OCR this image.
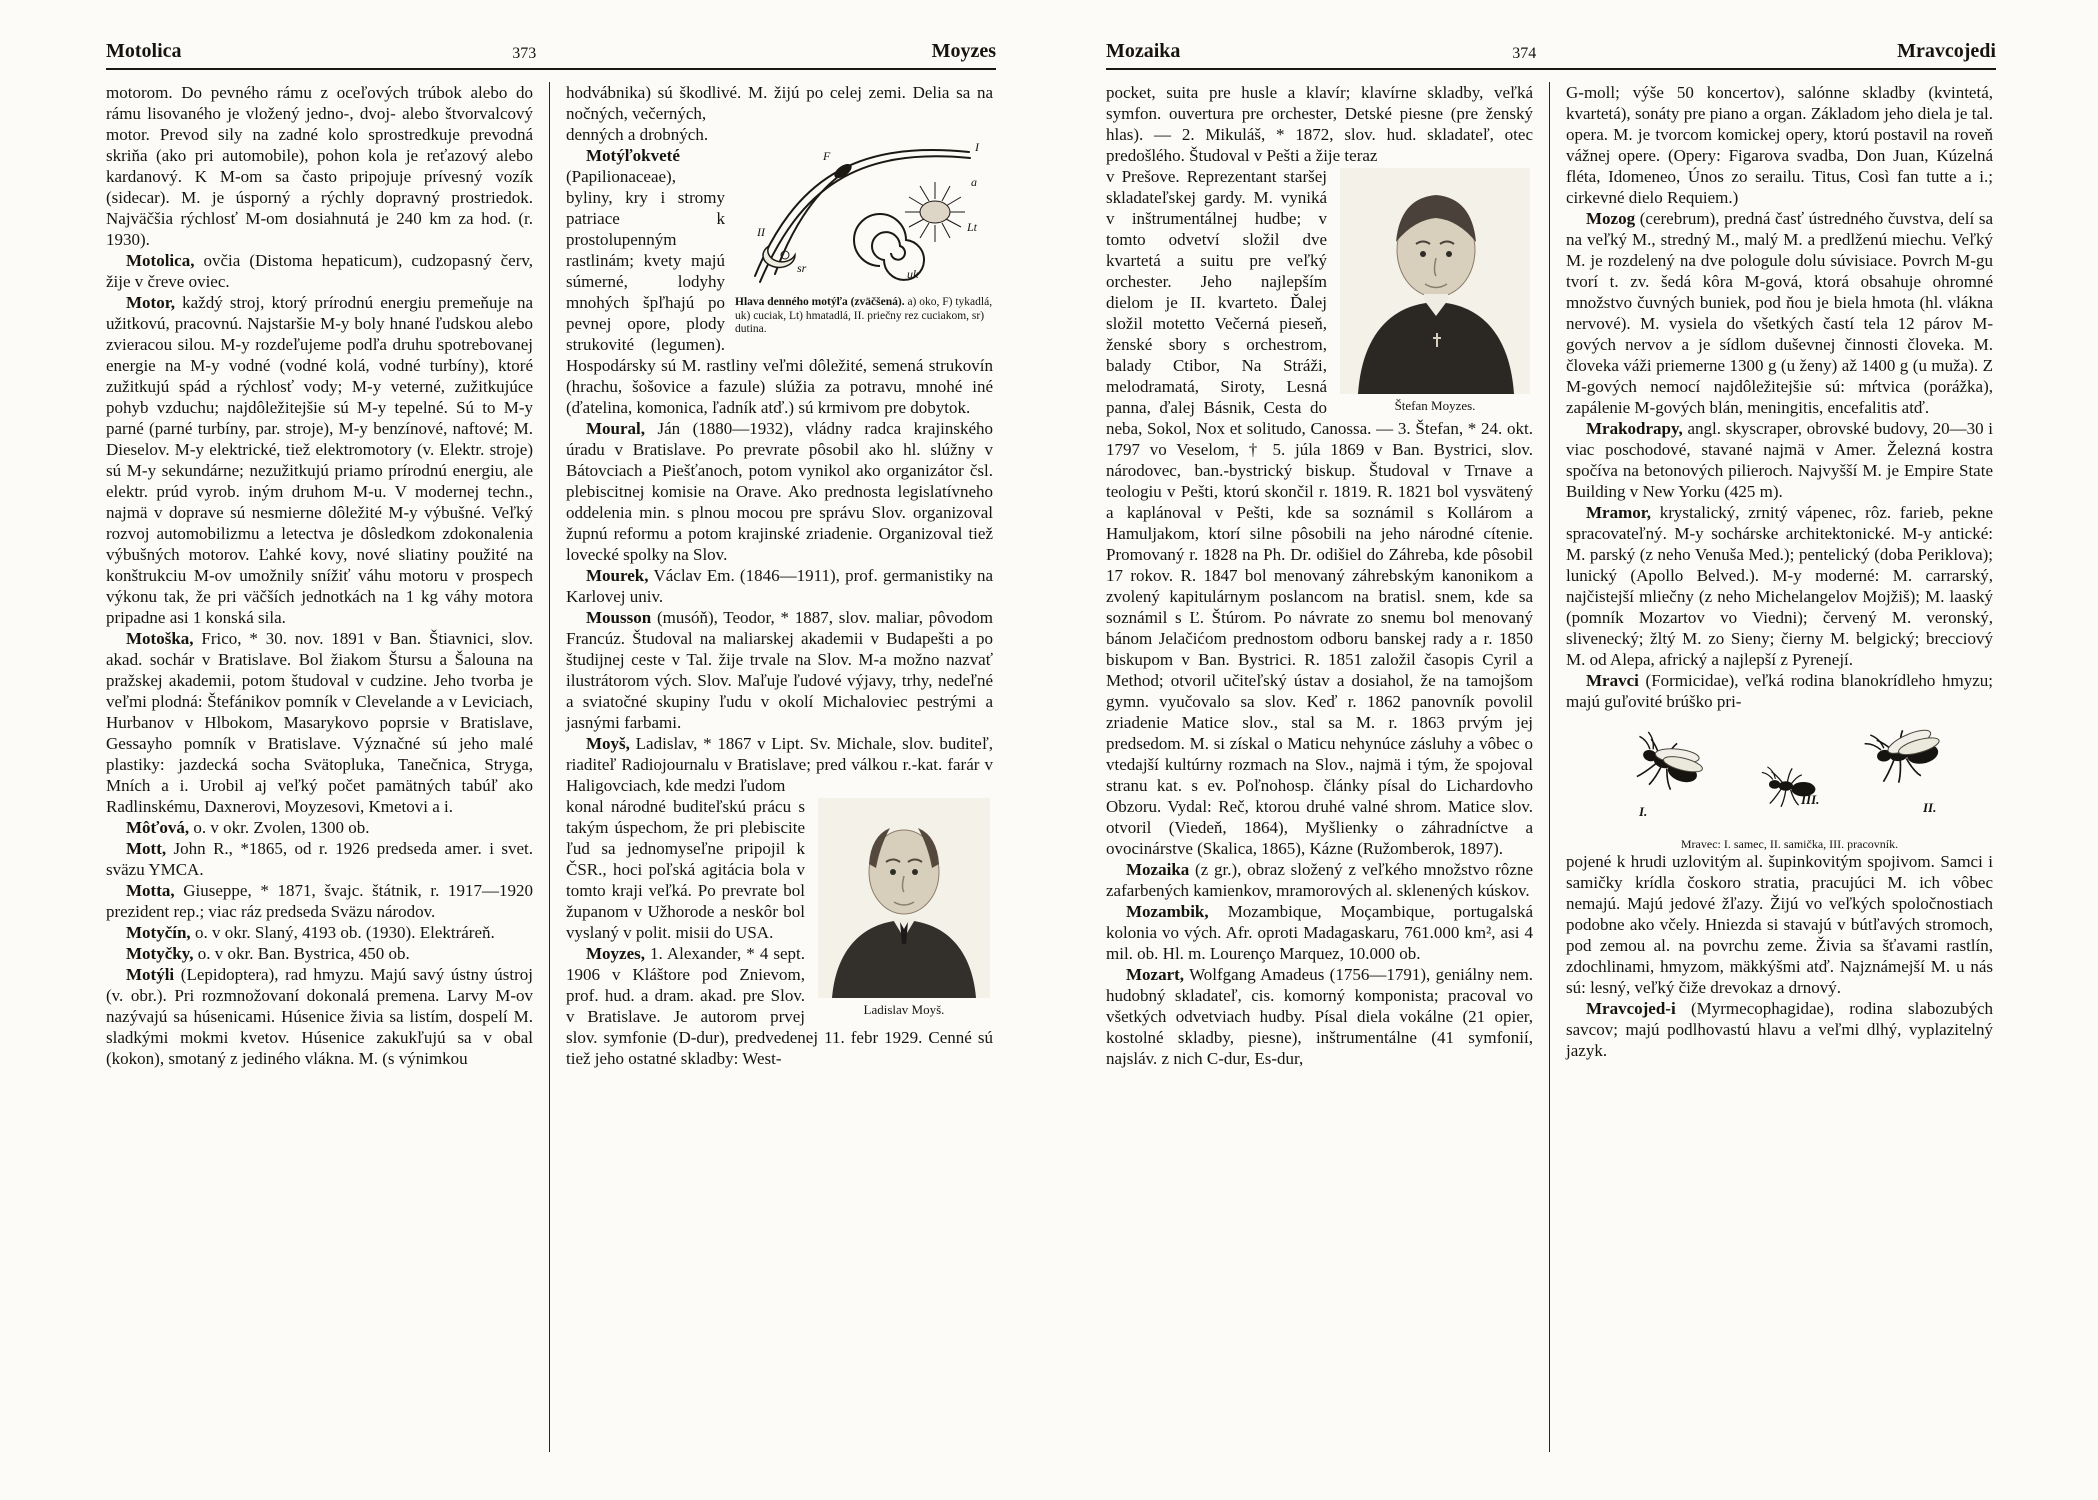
Motolica	373	Moyzes

motorom. Do pevného rámu z oceľových trúbok alebo do rámu lisovaného je vložený jedno-, dvoj- alebo štvorvalcový motor. Prevod sily na zadné kolo sprostredkuje prevodná skriňa (ako pri automobile), pohon kola je reťazový alebo kardanový. K M-om sa často pripojuje prívesný vozík (sidecar). M. je úsporný a rýchly dopravný prostriedok. Najväčšia rýchlosť M-om dosiahnutá je 240 km za hod. (r. 1930).

Motolica, ovčia (Distoma hepaticum), cudzopasný červ, žije v čreve oviec.

Motor, každý stroj, ktorý prírodnú energiu premeňuje na užitkovú, pracovnú. Najstaršie M-y boly hnané ľudskou alebo zvieracou silou. M-y rozdeľujeme podľa druhu spotrebovanej energie na M-y vodné (vodné kolá, vodné turbíny), ktoré zužitkujú spád a rýchlosť vody; M-y veterné, zužitkujúce pohyb vzduchu; najdôležitejšie sú M-y tepelné. Sú to M-y parné (parné turbíny, par. stroje), M-y benzínové, naftové; M. Dieselov. M-y elektrické, tiež elektromotory (v. Elektr. stroje) sú M-y sekundárne; nezužitkujú priamo prírodnú energiu, ale elektr. prúd vyrob. iným druhom M-u. V modernej techn., najmä v doprave sú nesmierne dôležité M-y výbušné. Veľký rozvoj automobilizmu a letectva je dôsledkom zdokonalenia výbušných motorov. Ľahké kovy, nové sliatiny použité na konštrukciu M-ov umožnily snížiť váhu motoru v prospech výkonu tak, že pri väčších jednotkách na 1 kg váhy motora pripadne asi 1 konská sila.

Motoška, Frico, * 30. nov. 1891 v Ban. Štiavnici, slov. akad. sochár v Bratislave. Bol žiakom Štursu a Šalouna na pražskej akademii, potom študoval v cudzine. Jeho tvorba je veľmi plodná: Štefánikov pomník v Clevelande a v Leviciach, Hurbanov v Hlbokom, Masarykovo poprsie v Bratislave, Gessayho pomník v Bratislave. Význačné sú jeho malé plastiky: jazdecká socha Svätopluka, Tanečnica, Stryga, Mních a i. Urobil aj veľký počet pamätných tabúľ ako Radlinskému, Daxnerovi, Moyzesovi, Kmetovi a i.

Môťová, o. v okr. Zvolen, 1300 ob.

Mott, John R., *1865, od r. 1926 predseda amer. i svet. sväzu YMCA.

Motta, Giuseppe, * 1871, švajc. štátnik, r. 1917—1920 prezident rep.; viac ráz predseda Sväzu národov.

Motyčín, o. v okr. Slaný, 4193 ob. (1930). Elektráreň.

Motyčky, o. v okr. Ban. Bystrica, 450 ob.

Motýli (Lepidoptera), rad hmyzu. Majú savý ústny ústroj (v. obr.). Pri rozmnožovaní dokonalá premena. Larvy M-ov nazývajú sa húsenicami. Húsenice živia sa listím, dospelí M. sladkými mokmi kvetov. Húsenice zakukľujú sa v obal (kokon), smotaný z jediného vlákna. M. (s výnimkou

hodvábnika) sú škodlivé. M. žijú po celej zemi. Delia sa na nočných, večerných,

I
F
uk
Lt
a
II
sr
Hlava denného motýľa (zväčšená). a) oko, F) tykadlá, uk) cuciak, Lt) hmatadlá, II. priečny rez cuciakom, sr) dutina.
denných a drobných.

Motýľokveté (Papilionaceae), byliny, kry i stromy patriace k prostolupenným rastlinám; kvety majú súmerné, lodyhy mnohých špľhajú po pevnej opore, plody strukovité (legumen). Hospodársky sú M. rastliny veľmi dôležité, semená strukovín (hrachu, šošovice a fazule) slúžia za potravu, mnohé iné (ďatelina, komonica, ľadník atď.) sú krmivom pre dobytok.

Moural, Ján (1880—1932), vládny radca krajinského úradu v Bratislave. Po prevrate pôsobil ako hl. slúžny v Bátovciach a Piešťanoch, potom vynikol ako organizátor čsl. plebiscitnej komisie na Orave. Ako prednosta legislatívneho oddelenia min. s plnou mocou pre správu Slov. organizoval župnú reformu a potom krajinské zriadenie. Organizoval tiež lovecké spolky na Slov.

Mourek, Václav Em. (1846—1911), prof. germanistiky na Karlovej univ.

Mousson (musóň), Teodor, * 1887, slov. maliar, pôvodom Francúz. Študoval na maliarskej akademii v Budapešti a po študijnej ceste v Tal. žije trvale na Slov. M-a možno nazvať ilustrátorom vých. Slov. Maľuje ľudové výjavy, trhy, nedeľné a sviatočné skupiny ľudu v okolí Michaloviec pestrými a jasnými farbami.

Moyš, Ladislav, * 1867 v Lipt. Sv. Michale, slov. buditeľ, riaditeľ Radiojournalu v Bratislave; pred válkou r.-kat. farár v Haligovciach, kde medzi ľudom

Ladislav Moyš.
konal národné buditeľskú prácu s takým úspechom, že pri plebiscite ľud sa jednomyseľne pripojil k ČSR., hoci poľská agitácia bola v tomto kraji veľká. Po prevrate bol županom v Užhorode a neskôr bol vyslaný v polit. misii do USA.

Moyzes, 1. Alexander, * 4 sept. 1906 v Kláštore pod Znievom, prof. hud. a dram. akad. pre Slov. v Bratislave. Je autorom prvej slov. symfonie (D-dur), predvedenej 11. febr 1929. Cenné sú tiež jeho ostatné skladby: West-

Mozaika	374	Mravcojedi

pocket, suita pre husle a klavír; klavírne skladby, veľká symfon. ouvertura pre orchester, Detské piesne (pre ženský hlas). — 2. Mikuláš, * 1872, slov. hud. skladateľ, otec predošlého. Študoval v Pešti a žije teraz

Štefan Moyzes.
v Prešove. Reprezentant staršej skladateľskej gardy. M. vyniká v inštrumentálnej hudbe; v tomto odvetví složil dve kvartetá a suitu pre veľký orchester. Jeho najlepším dielom je II. kvarteto. Ďalej složil motetto Večerná pieseň, ženské sbory s orchestrom, balady Ctibor, Na Stráži, melodramatá, Siroty, Lesná panna, ďalej Básnik, Cesta do neba, Sokol, Nox et solitudo, Canossa. — 3. Štefan, * 24. okt. 1797 vo Veselom, † 5. júla 1869 v Ban. Bystrici, slov. národovec, ban.-bystrický biskup. Študoval v Trnave a teologiu v Pešti, ktorú skončil r. 1819. R. 1821 bol vysvätený a kaplánoval v Pešti, kde sa soznámil s Kollárom a Hamuljakom, ktorí silne pôsobili na jeho národné cítenie. Promovaný r. 1828 na Ph. Dr. odišiel do Záhreba, kde pôsobil 17 rokov. R. 1847 bol menovaný záhrebským kanonikom a zvolený kapitulárnym poslancom na bratisl. snem, kde sa soznámil s Ľ. Štúrom. Po návrate zo snemu bol menovaný bánom Jelačićom prednostom odboru banskej rady a r. 1850 biskupom v Ban. Bystrici. R. 1851 založil časopis Cyril a Method; otvoril učiteľský ústav a dosiahol, že na tamojšom gymn. vyučovalo sa slov. Keď r. 1862 panovník povolil zriadenie Matice slov., stal sa M. r. 1863 prvým jej predsedom. M. si získal o Maticu nehynúce zásluhy a vôbec o vtedajší kultúrny rozmach na Slov., najmä i tým, že spojoval stranu kat. s ev. Poľnohosp. články písal do Lichardovho Obzoru. Vydal: Reč, ktorou druhé valné shrom. Matice slov. otvoril (Viedeň, 1864), Myšlienky o záhradníctve a ovocinárstve (Skalica, 1865), Kázne (Ružomberok, 1897).

Mozaika (z gr.), obraz složený z veľkého množstvo rôzne zafarbených kamienkov, mramorových al. sklenených kúskov.

Mozambik, Mozambique, Moçambique, portugalská kolonia vo vých. Afr. oproti Madagaskaru, 761.000 km², asi 4 mil. ob. Hl. m. Lourenço Marquez, 10.000 ob.

Mozart, Wolfgang Amadeus (1756—1791), geniálny nem. hudobný skladateľ, cis. komorný komponista; pracoval vo všetkých odvetviach hudby. Písal diela vokálne (21 opier, kostolné skladby, piesne), inštrumentálne (41 symfonií, najsláv. z nich C-dur, Es-dur,

G-moll; výše 50 koncertov), salónne skladby (kvintetá, kvartetá), sonáty pre piano a organ. Základom jeho diela je tal. opera. M. je tvorcom komickej opery, ktorú postavil na roveň vážnej opere. (Opery: Figarova svadba, Don Juan, Kúzelná fléta, Idomeneo, Únos zo serailu. Titus, Così fan tutte a i.; cirkevné dielo Requiem.)

Mozog (cerebrum), predná časť ústredného čuvstva, delí sa na veľký M., stredný M., malý M. a predlženú miechu. Veľký M. je rozdelený na dve pologule dolu súvisiace. Povrch M-gu tvorí t. zv. šedá kôra M-gová, ktorá obsahuje ohromné množstvo čuvných buniek, pod ňou je biela hmota (hl. vlákna nervové). M. vysiela do všetkých častí tela 12 párov M-gových nervov a je sídlom duševnej činnosti človeka. M. človeka váži priemerne 1300 g (u ženy) až 1400 g (u muža). Z M-gových nemocí najdôležitejšie sú: mŕtvica (porážka), zapálenie M-gových blán, meningitis, encefalitis atď.

Mrakodrapy, angl. skyscraper, obrovské budovy, 20—30 i viac poschodové, stavané najmä v Amer. Železná kostra spočíva na betonových pilieroch. Najvyšší M. je Empire State Building v New Yorku (425 m).

Mramor, krystalický, zrnitý vápenec, rôz. farieb, pekne spracovateľný. M-y sochárske architektonické. M-y antické: M. parský (z neho Venuša Med.); pentelický (doba Periklova); lunický (Apollo Belved.). M-y moderné: M. carrarský, najčistejší mliečny (z neho Michelangelov Mojžiš); M. laaský (pomník Mozartov vo Viedni); červený M. veronský, slivenecký; žltý M. zo Sieny; čierny M. belgický; brecciový M. od Alepa, africký a najlepší z Pyrenejí.

Mravci (Formicidae), veľká rodina blanokrídleho hmyzu; majú guľovité brúško pri-

I.
III.
II.
Mravec: I. samec, II. samička, III. pracovník.

pojené k hrudi uzlovitým al. šupinkovitým spojivom. Samci i samičky krídla čoskoro stratia, pracujúci M. ich vôbec nemajú. Majú jedové žľazy. Žijú vo veľkých spoločnostiach podobne ako včely. Hniezda si stavajú v bútľavých stromoch, pod zemou al. na povrchu zeme. Živia sa šťavami rastlín, zdochlinami, hmyzom, mäkkýšmi atď. Najznámejší M. u nás sú: lesný, veľký čiže drevokaz a drnový.

Mravcojed-i (Myrmecophagidae), rodina slabozubých savcov; majú podlhovastú hlavu a veľmi dlhý, vyplazitelný jazyk.
